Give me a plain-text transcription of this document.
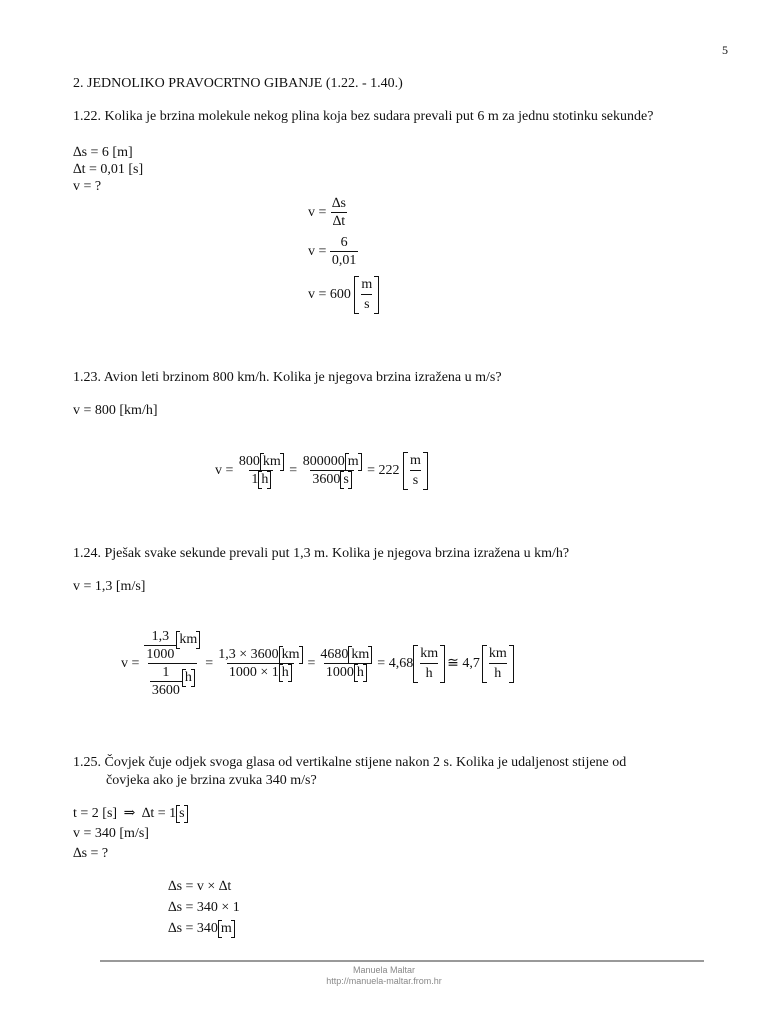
5
2. JEDNOLIKO PRAVOCRTNO GIBANJE (1.22. - 1.40.)
1.22. Kolika je brzina molekule nekog plina koja bez sudara prevali put 6 m za jednu stotinku sekunde?
∆s = 6 [m]
∆t = 0,01 [s]
v = ?
$v = \frac{\Delta s}{\Delta t}$
$v = \frac{6}{0,01}$
$v = 600 \frac{m}{s}$
1.23. Avion leti brzinom 800 km/h. Kolika je njegova brzina izražena u m/s?
v = 800 [km/h]
$v = \frac{800 km}{1 h} = \frac{800000 m}{3600 s} = 222 \frac{m}{s}$
1.24. Pješak svake sekunde prevali put 1,3 m. Kolika je njegova brzina izražena u km/h?
v = 1,3 [m/s]
$v = \frac{\frac{1,3}{1000} km}{\frac{1}{3600} h} = \frac{1,3 \times 3600 km}{1000 \times 1 h} = \frac{4680 km}{1000 h} = 4,68 \frac{km}{h}$ ≅ $4,7 \frac{km}{h}$
1.25. Čovjek čuje odjek svoga glasa od vertikalne stijene nakon 2 s. Kolika je udaljenost stijene od
čovjeka ako je brzina zvuka 340 m/s?
t = 2 [s] ⇒ ∆t = 1 s
v = 340 [m/s]
∆s = ?
∆s = v × ∆t
∆s = 340 × 1
∆s = 340 m
Manuela Maltar
http://manuela-maltar.from.hr
